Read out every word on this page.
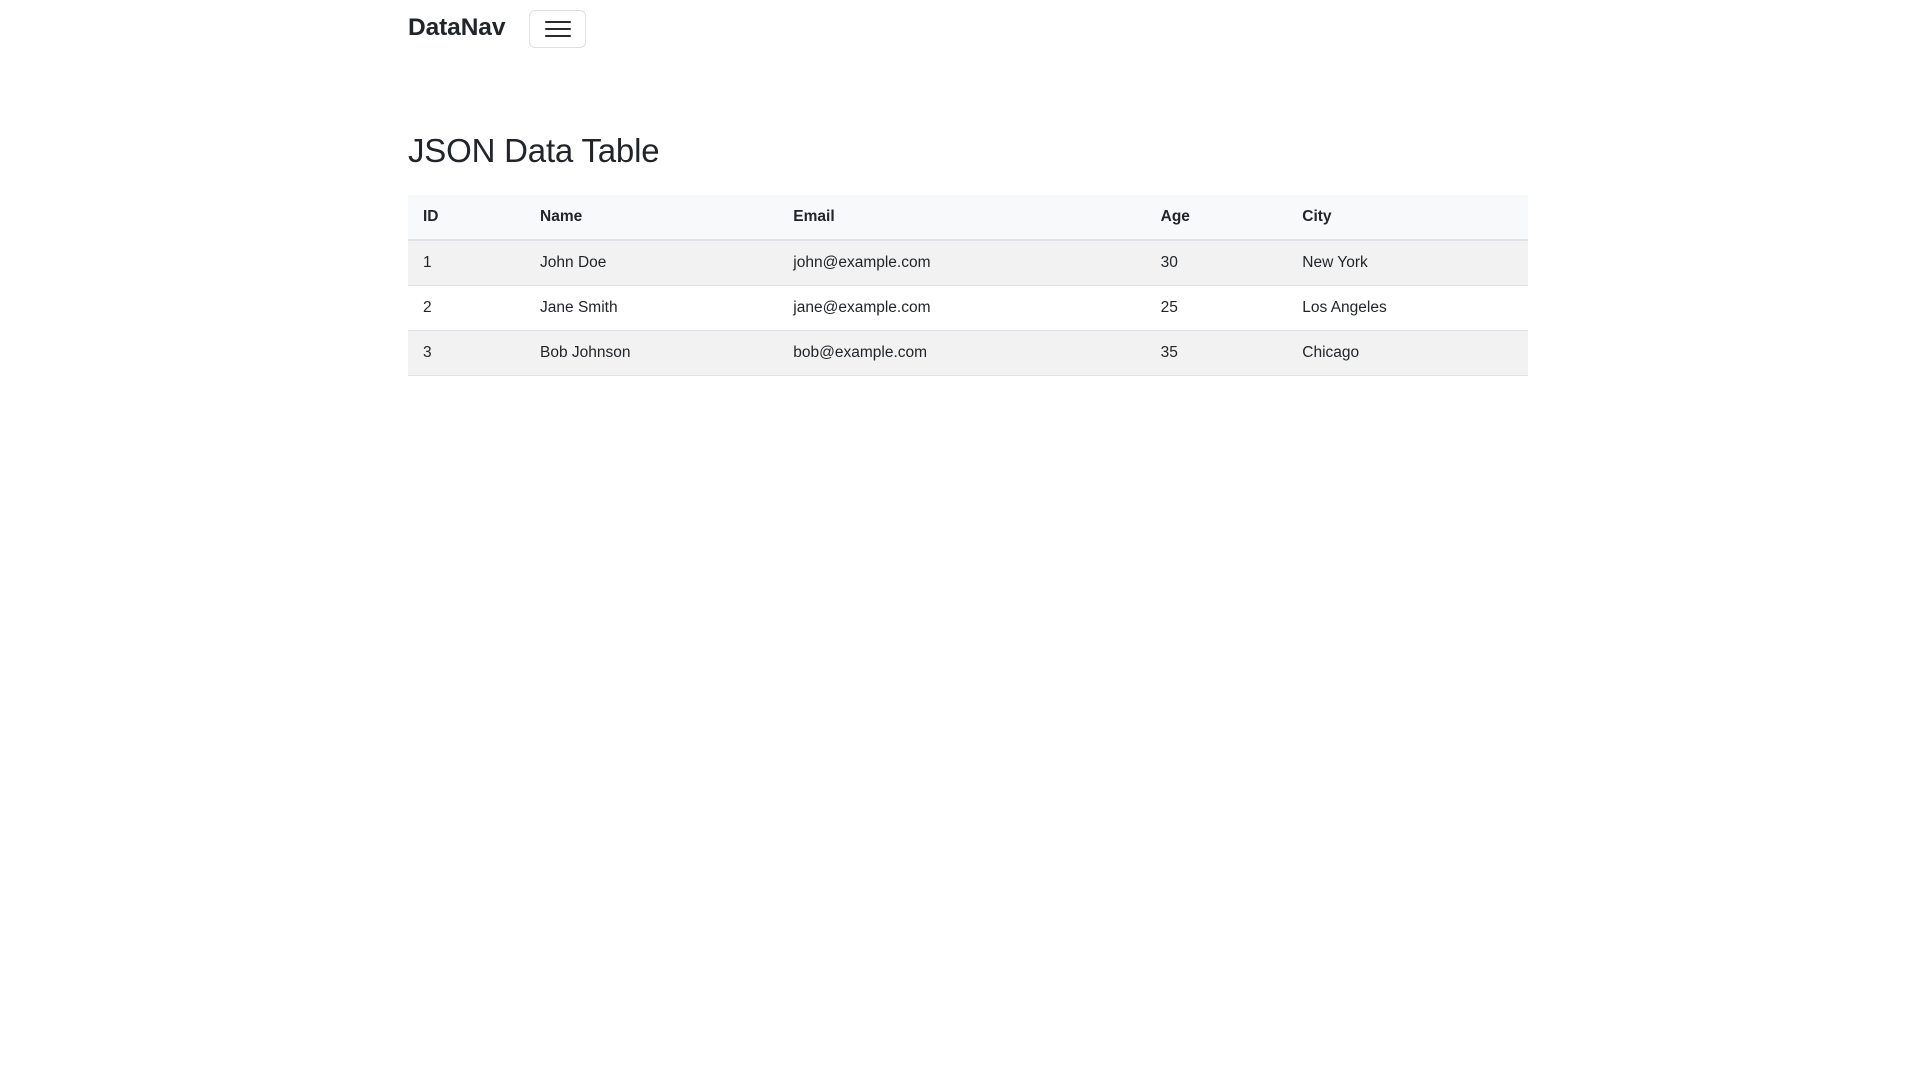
DataNav
JSON Data Table
ID	Name	Email	Age	City
1	John Doe	john@example.com	30	New York
2	Jane Smith	jane@example.com	25	Los Angeles
3	Bob Johnson	bob@example.com	35	Chicago
